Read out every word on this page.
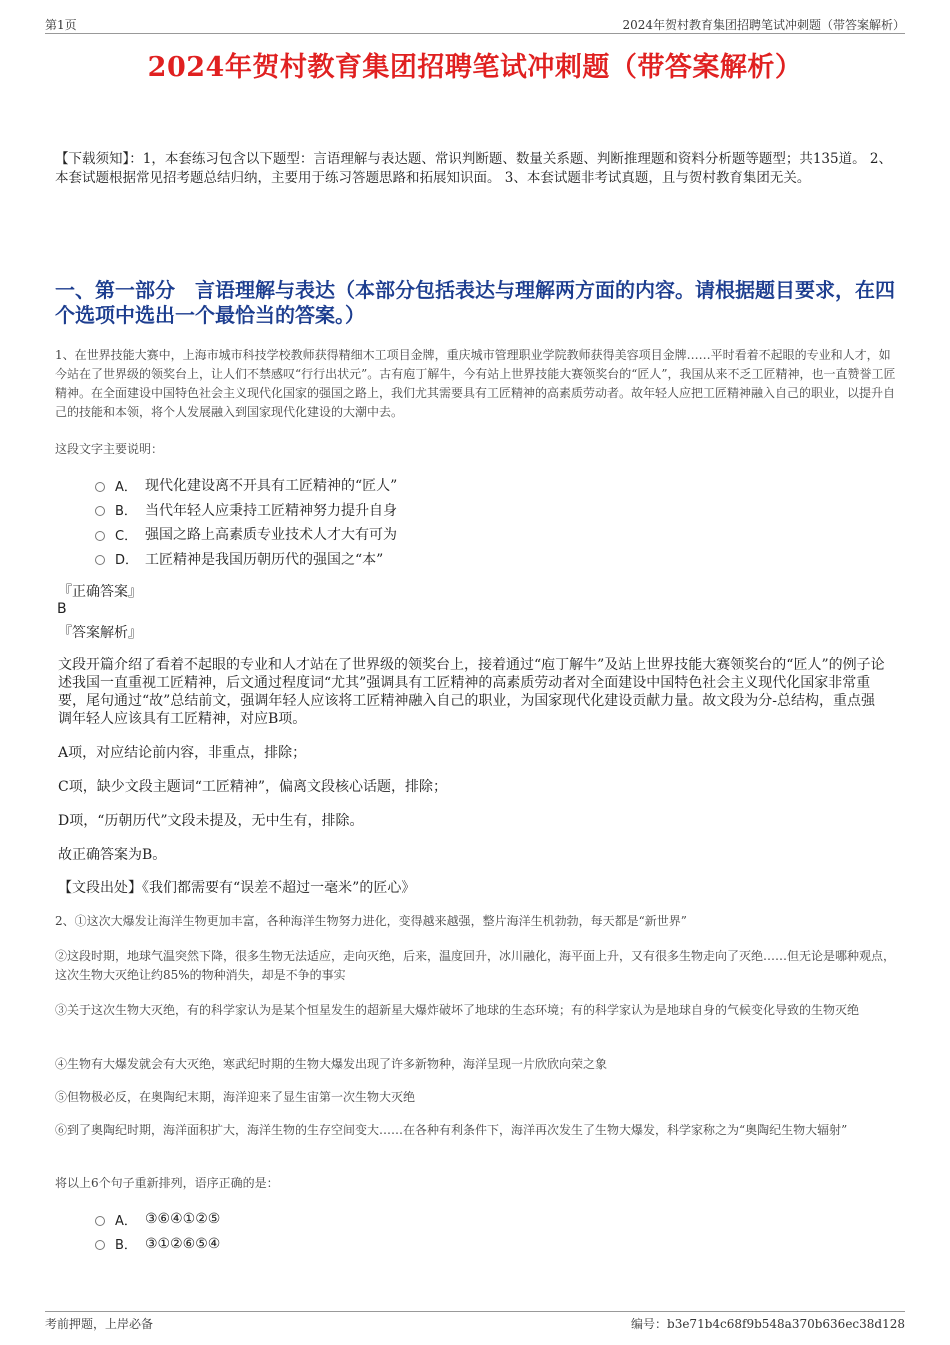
第1页	2024年贺村教育集团招聘笔试冲刺题（带答案解析）
2024年贺村教育集团招聘笔试冲刺题（带答案解析）

【下载须知】：1，本套练习包含以下题型：言语理解与表达题、常识判断题、数量关系题、判断推理题和资料分析题等题型；共135道。 2、本套试题根据常见招考题总结归纳，主要用于练习答题思路和拓展知识面。 3、本套试题非考试真题，且与贺村教育集团无关。

一、第一部分　言语理解与表达（本部分包括表达与理解两方面的内容。请根据题目要求，在四个选项中选出一个最恰当的答案。）

1、在世界技能大赛中，上海市城市科技学校教师获得精细木工项目金牌，重庆城市管理职业学院教师获得美容项目金牌……平时看着不起眼的专业和人才，如今站在了世界级的领奖台上，让人们不禁感叹“行行出状元”。古有庖丁解牛，今有站上世界技能大赛领奖台的“匠人”，我国从来不乏工匠精神，也一直赞誉工匠精神。在全面建设中国特色社会主义现代化国家的强国之路上，我们尤其需要具有工匠精神的高素质劳动者。故年轻人应把工匠精神融入自己的职业，以提升自己的技能和本领，将个人发展融入到国家现代化建设的大潮中去。

这段文字主要说明：

A． 现代化建设离不开具有工匠精神的“匠人”
B． 当代年轻人应秉持工匠精神努力提升自身
C． 强国之路上高素质专业技术人才大有可为
D． 工匠精神是我国历朝历代的强国之“本”
『正确答案』
B
『答案解析』

文段开篇介绍了看着不起眼的专业和人才站在了世界级的领奖台上，接着通过“庖丁解牛”及站上世界技能大赛领奖台的“匠人”的例子论述我国一直重视工匠精神，后文通过程度词“尤其”强调具有工匠精神的高素质劳动者对全面建设中国特色社会主义现代化国家非常重要，尾句通过“故”总结前文，强调年轻人应该将工匠精神融入自己的职业，为国家现代化建设贡献力量。故文段为分-总结构，重点强调年轻人应该具有工匠精神，对应B项。

A项，对应结论前内容，非重点，排除；

C项，缺少文段主题词“工匠精神”，偏离文段核心话题，排除；

D项，“历朝历代”文段未提及，无中生有，排除。

故正确答案为B。

【文段出处】《我们都需要有“误差不超过一毫米”的匠心》

2、①这次大爆发让海洋生物更加丰富，各种海洋生物努力进化，变得越来越强，整片海洋生机勃勃，每天都是“新世界”

②这段时期，地球气温突然下降，很多生物无法适应，走向灭绝，后来，温度回升，冰川融化，海平面上升，又有很多生物走向了灭绝……但无论是哪种观点，这次生物大灭绝让约85%的物种消失，却是不争的事实

③关于这次生物大灭绝，有的科学家认为是某个恒星发生的超新星大爆炸破坏了地球的生态环境；有的科学家认为是地球自身的气候变化导致的生物灭绝

④生物有大爆发就会有大灭绝，寒武纪时期的生物大爆发出现了许多新物种，海洋呈现一片欣欣向荣之象

⑤但物极必反，在奥陶纪末期，海洋迎来了显生宙第一次生物大灭绝

⑥到了奥陶纪时期，海洋面积扩大，海洋生物的生存空间变大……在各种有利条件下，海洋再次发生了生物大爆发，科学家称之为“奥陶纪生物大辐射”

将以上6个句子重新排列，语序正确的是：

A． ③⑥④①②⑤
B． ③①②⑥⑤④
考前押题，上岸必备	编号：b3e71b4c68f9b548a370b636ec38d128
